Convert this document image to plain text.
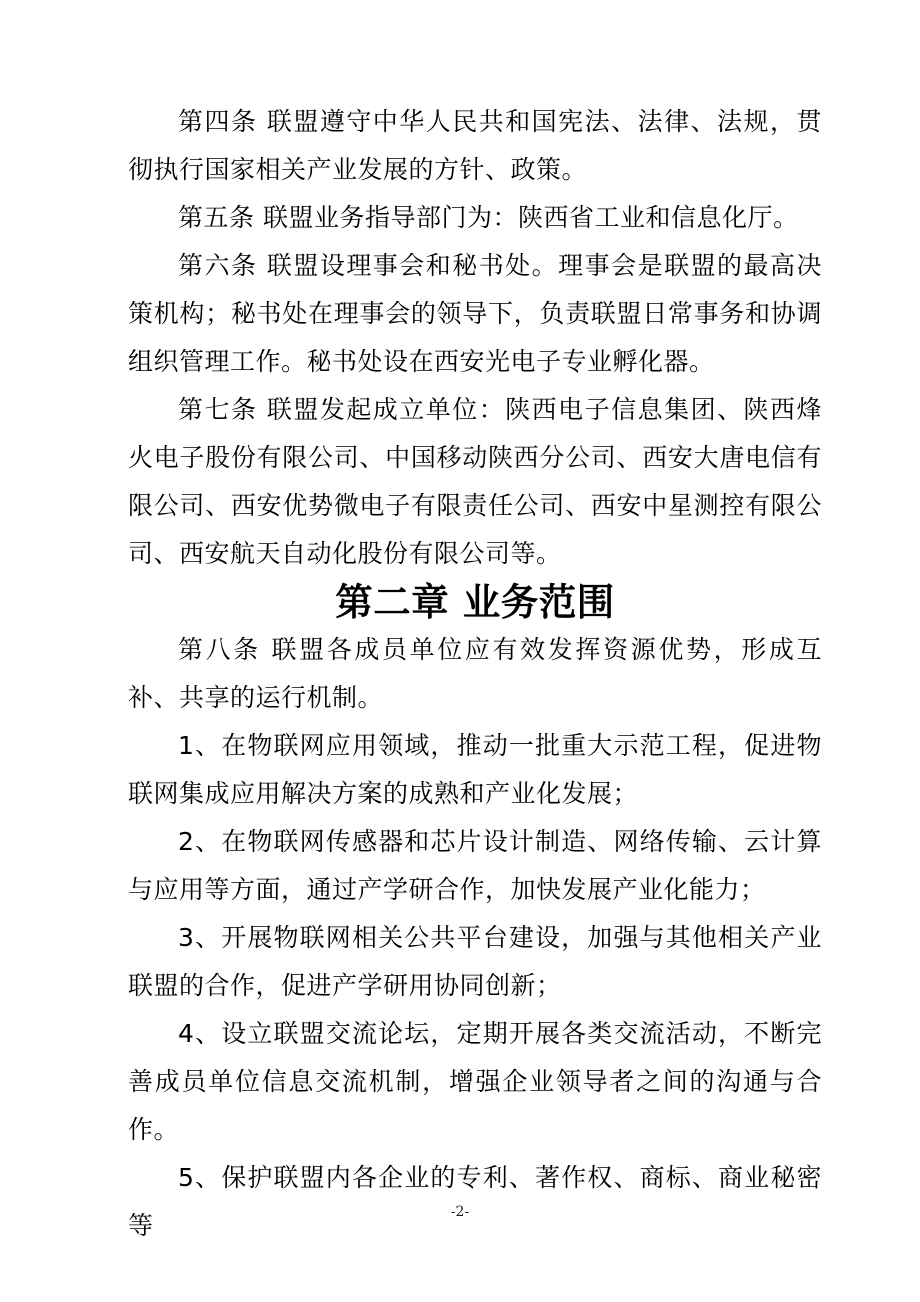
第四条 联盟遵守中华人民共和国宪法、法律、法规，贯彻执行国家相关产业发展的方针、政策。

第五条 联盟业务指导部门为：陕西省工业和信息化厅。

第六条 联盟设理事会和秘书处。理事会是联盟的最高决策机构；秘书处在理事会的领导下，负责联盟日常事务和协调组织管理工作。秘书处设在西安光电子专业孵化器。

第七条 联盟发起成立单位：陕西电子信息集团、陕西烽火电子股份有限公司、中国移动陕西分公司、西安大唐电信有限公司、西安优势微电子有限责任公司、西安中星测控有限公司、西安航天自动化股份有限公司等。

第二章 业务范围

第八条 联盟各成员单位应有效发挥资源优势，形成互补、共享的运行机制。

1、在物联网应用领域，推动一批重大示范工程，促进物联网集成应用解决方案的成熟和产业化发展；

2、在物联网传感器和芯片设计制造、网络传输、云计算与应用等方面，通过产学研合作，加快发展产业化能力；

3、开展物联网相关公共平台建设，加强与其他相关产业联盟的合作，促进产学研用协同创新；

4、设立联盟交流论坛，定期开展各类交流活动，不断完善成员单位信息交流机制，增强企业领导者之间的沟通与合作。

5、保护联盟内各企业的专利、著作权、商标、商业秘密等	-2-
